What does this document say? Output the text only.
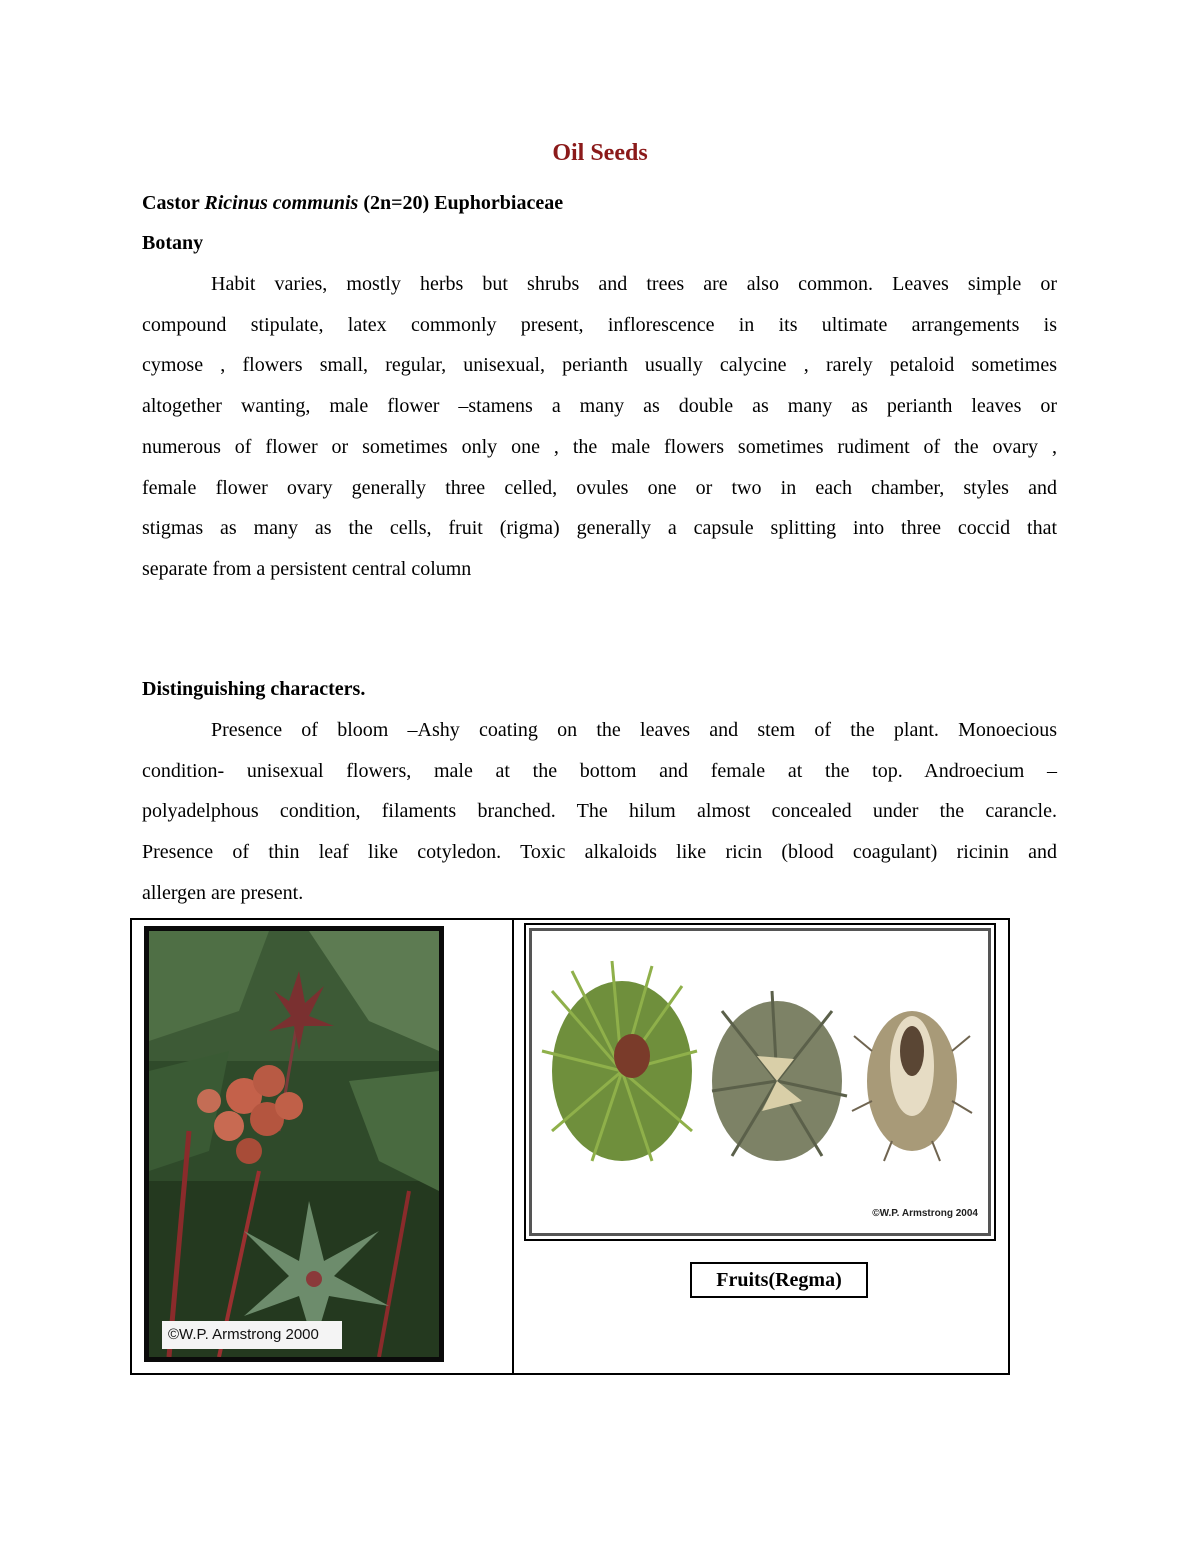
Oil Seeds
Castor Ricinus communis (2n=20) Euphorbiaceae
Botany
Habit varies, mostly herbs but shrubs and trees are also common. Leaves simple or
compound stipulate, latex commonly present, inflorescence in its ultimate arrangements is
cymose , flowers small, regular, unisexual, perianth usually calycine , rarely petaloid sometimes
altogether wanting, male flower –stamens a many as double as many as perianth leaves or
numerous of flower or sometimes only one , the male flowers sometimes rudiment of the ovary ,
female flower ovary generally three celled, ovules one or two in each chamber, styles and
stigmas as many as the cells, fruit (rigma) generally a capsule splitting into three coccid that
separate from a persistent central column
Distinguishing characters.
Presence of bloom –Ashy coating on the leaves and stem of the plant. Monoecious
condition- unisexual flowers, male at the bottom and female at the top. Androecium –
polyadelphous condition, filaments branched. The hilum almost concealed under the carancle.
Presence of thin leaf like cotyledon. Toxic alkaloids like ricin (blood coagulant) ricinin and
allergen are present.
©W.P. Armstrong 2000
©W.P. Armstrong 2004
Fruits(Regma)
